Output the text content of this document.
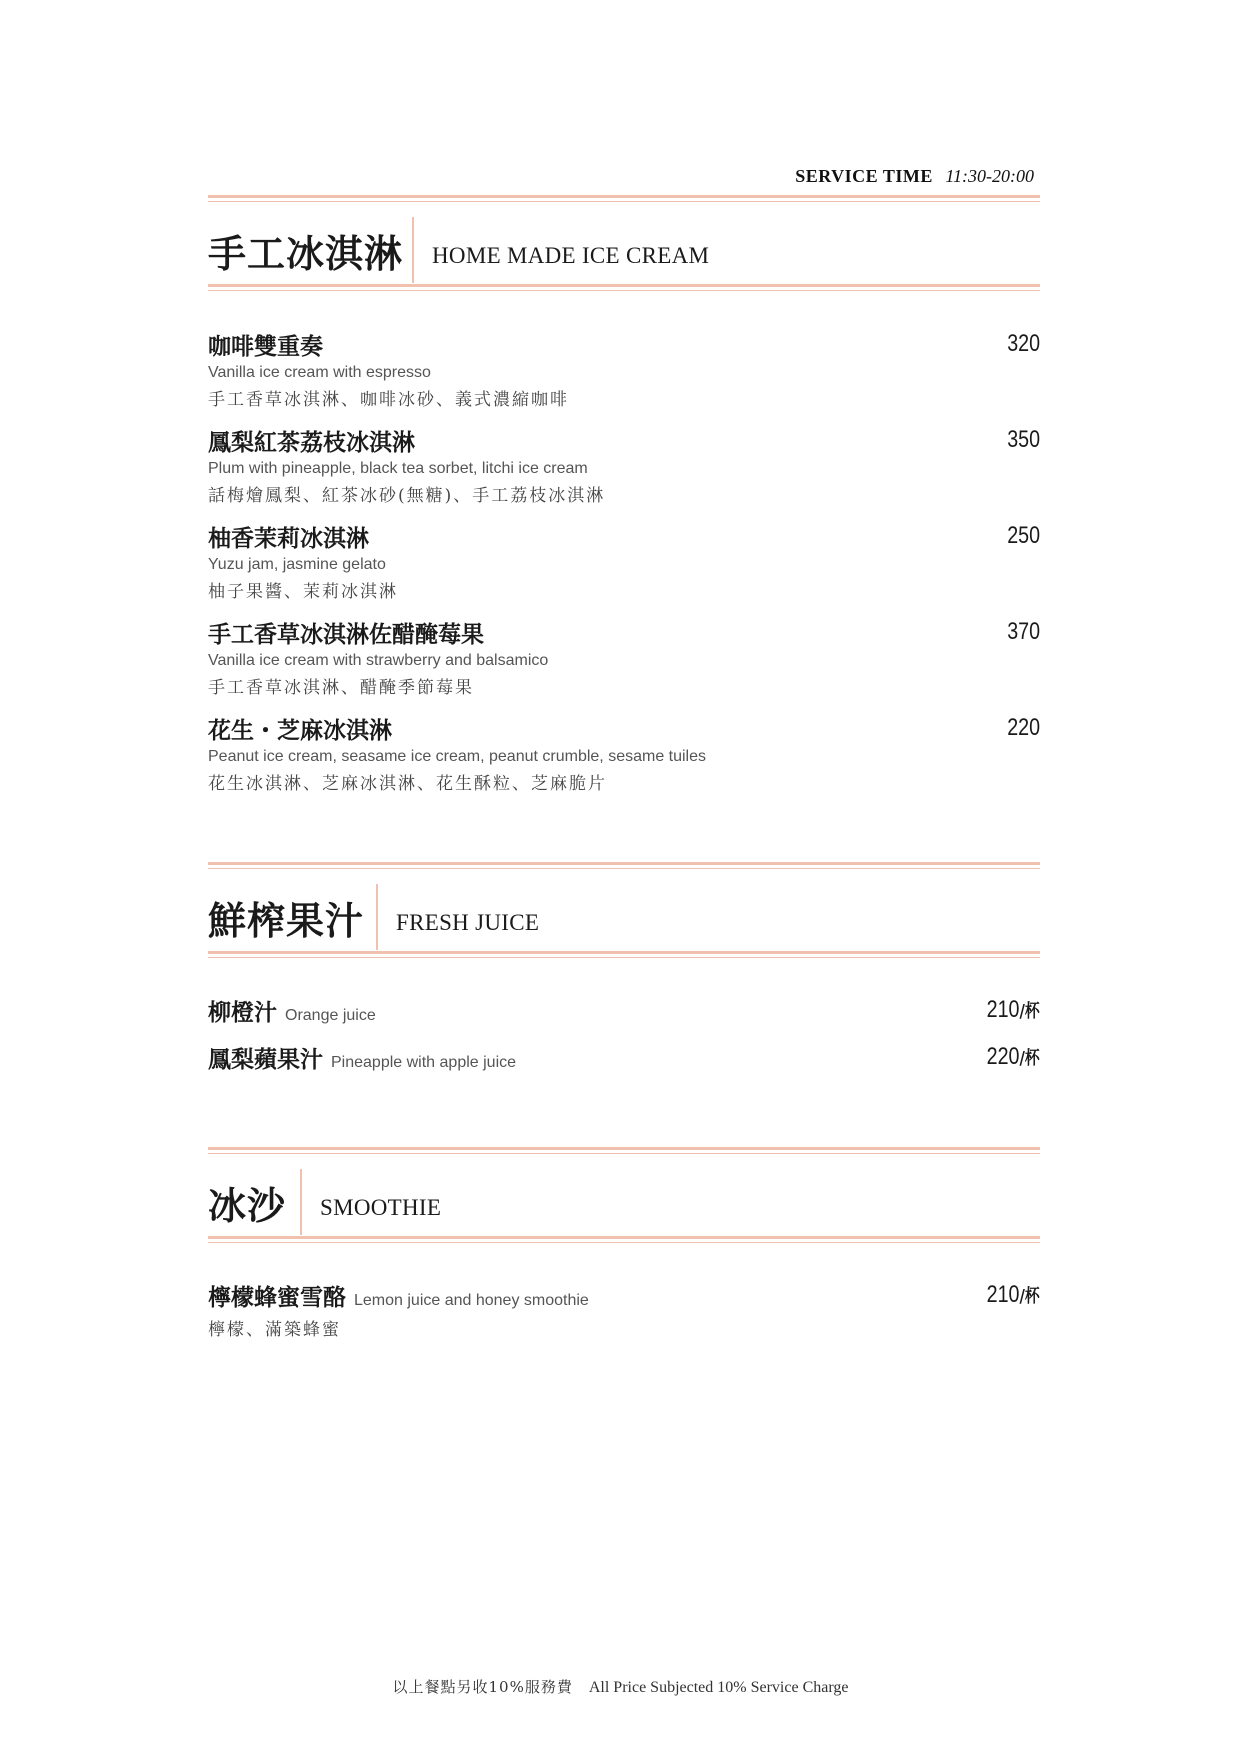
SERVICE TIME 11:30-20:00
手工冰淇淋 HOME MADE ICE CREAM
咖啡雙重奏
Vanilla ice cream with espresso
手工香草冰淇淋、咖啡冰砂、義式濃縮咖啡
320
鳳梨紅茶荔枝冰淇淋
Plum with pineapple, black tea sorbet, litchi ice cream
話梅燴鳳梨、紅茶冰砂(無糖)、手工荔枝冰淇淋
350
柚香茉莉冰淇淋
Yuzu jam, jasmine gelato
柚子果醬、茉莉冰淇淋
250
手工香草冰淇淋佐醋醃莓果
Vanilla ice cream with strawberry and balsamico
手工香草冰淇淋、醋醃季節莓果
370
花生・芝麻冰淇淋
Peanut ice cream, seasame ice cream, peanut crumble, sesame tuiles
花生冰淇淋、芝麻冰淇淋、花生酥粒、芝麻脆片
220
鮮榨果汁 FRESH JUICE
柳橙汁 Orange juice	210/杯
鳳梨蘋果汁 Pineapple with apple juice	220/杯
冰沙 SMOOTHIE
檸檬蜂蜜雪酪 Lemon juice and honey smoothie
檸檬、滿築蜂蜜
210/杯
以上餐點另收10%服務費 All Price Subjected 10% Service Charge
